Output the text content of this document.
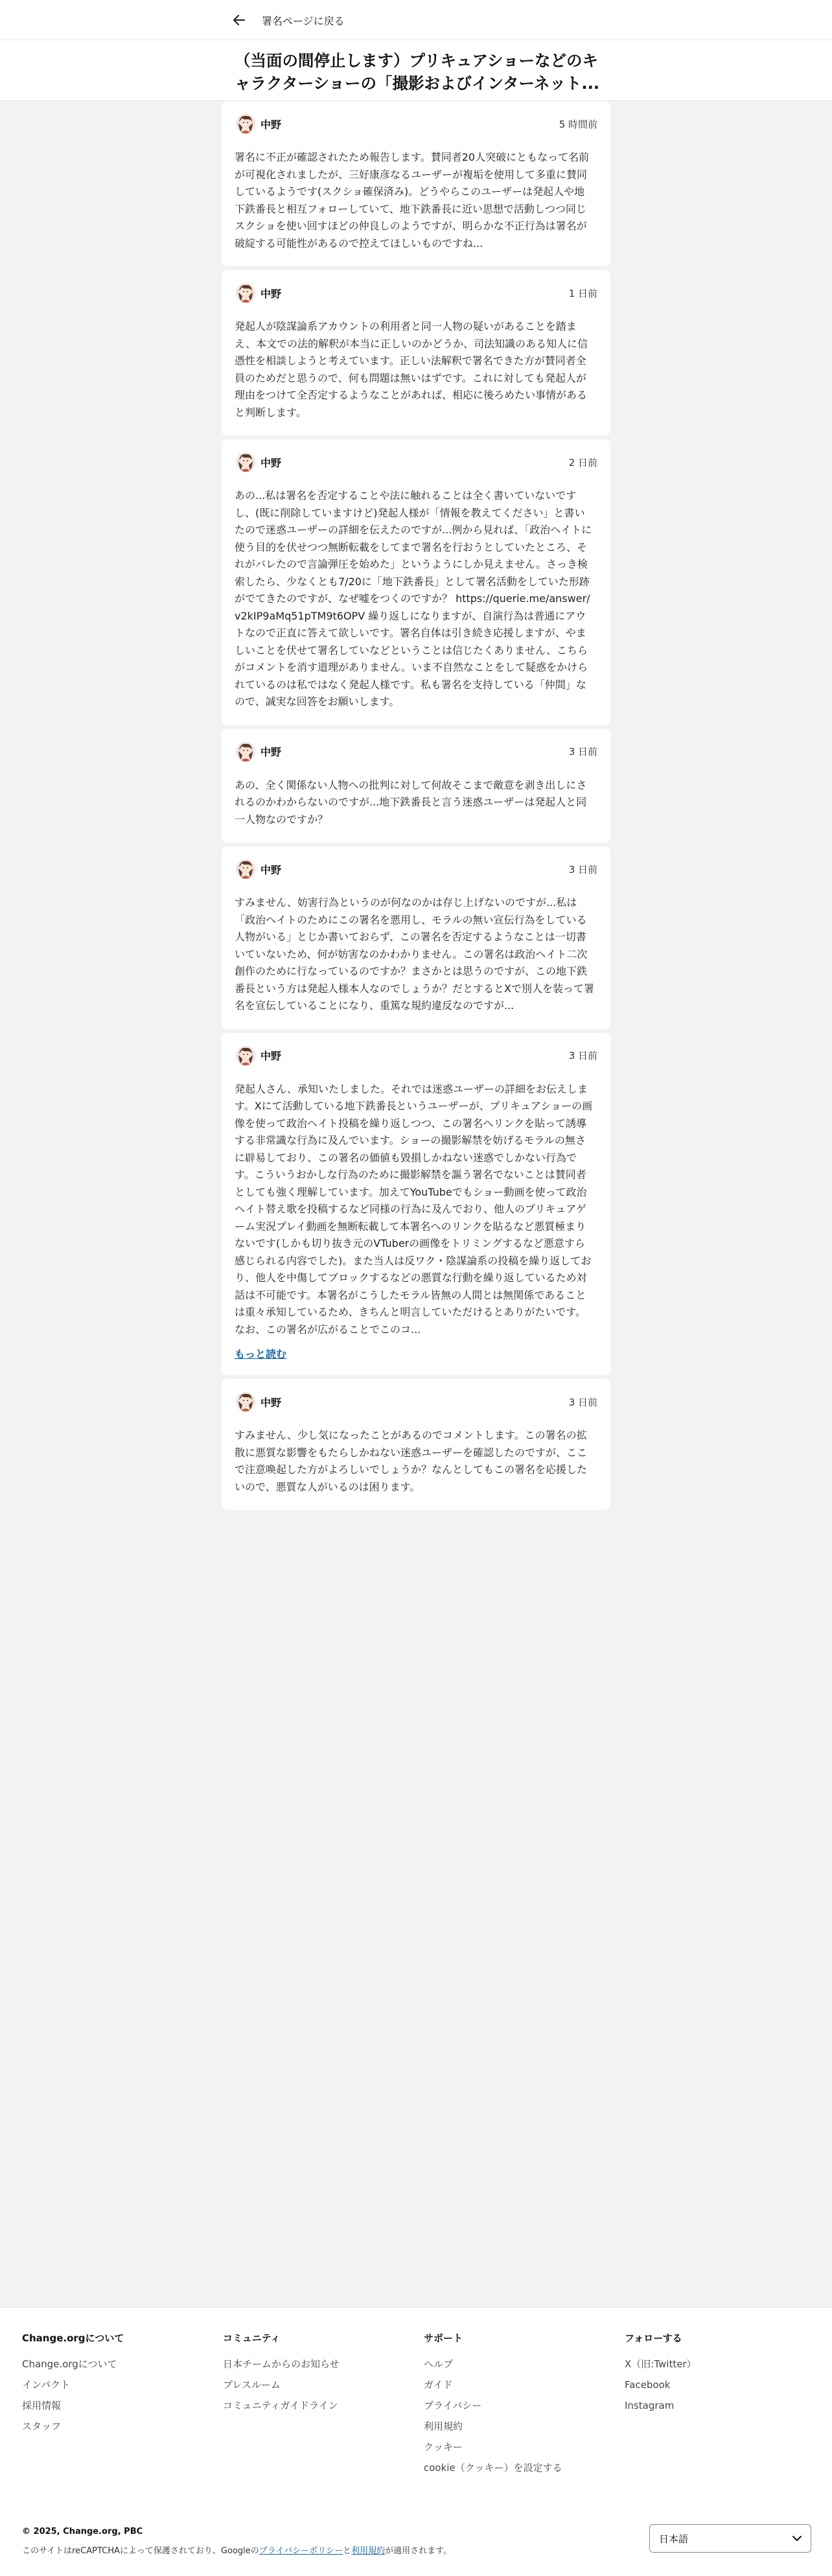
署名ページに戻る
（当面の間停止します）プリキュアショーなどのキャラクターショーの「撮影およびインターネット...
中野	5 時間前
署名に不正が確認されたため報告します。賛同者20人突破にともなって名前が可視化されましたが、三好康彦なるユーザーが複垢を使用して多重に賛同しているようです(スクショ確保済み)。どうやらこのユーザーは発起人や地下鉄番長と相互フォローしていて、地下鉄番長に近い思想で活動しつつ同じスクショを使い回すほどの仲良しのようですが、明らかな不正行為は署名が破綻する可能性があるので控えてほしいものですね...
中野	1 日前
発起人が陰謀論系アカウントの利用者と同一人物の疑いがあることを踏まえ、本文での法的解釈が本当に正しいのかどうか、司法知識のある知人に信憑性を相談しようと考えています。正しい法解釈で署名できた方が賛同者全員のためだと思うので、何も問題は無いはずです。これに対しても発起人が理由をつけて全否定するようなことがあれば、相応に後ろめたい事情があると判断します。
中野	2 日前
あの...私は署名を否定することや法に触れることは全く書いていないですし、(既に削除していますけど)発起人様が「情報を教えてください」と書いたので迷惑ユーザーの詳細を伝えたのですが...例から見れば、「政治ヘイトに使う目的を伏せつつ無断転載をしてまで署名を行おうとしていたところ、それがバレたので言論弾圧を始めた」というようにしか見えません。さっき検索したら、少なくとも7/20に「地下鉄番長」として署名活動をしていた形跡がでてきたのですが、なぜ嘘をつくのですか？ https://querie.me/answer/v2kIP9aMq51pTM9t6OPV 繰り返しになりますが、自演行為は普通にアウトなので正直に答えて欲しいです。署名自体は引き続き応援しますが、やましいことを伏せて署名していなどということは信じたくありません、こちらがコメントを消す道理がありません。いま不自然なことをして疑惑をかけられているのは私ではなく発起人様です。私も署名を支持している「仲間」なので、誠実な回答をお願いします。
中野	3 日前
あの、全く関係ない人物への批判に対して何故そこまで敵意を剥き出しにされるのかわからないのですが...地下鉄番長と言う迷惑ユーザーは発起人と同一人物なのですか？
中野	3 日前
すみません、妨害行為というのが何なのかは存じ上げないのですが...私は「政治ヘイトのためにこの署名を悪用し、モラルの無い宣伝行為をしている人物がいる」とじか書いておらず、この署名を否定するようなことは一切書いていないため、何が妨害なのかわかりません。この署名は政治ヘイト二次創作のために行なっているのですか？まさかとは思うのですが、この地下鉄番長という方は発起人様本人なのでしょうか？だとするとXで別人を装って署名を宣伝していることになり、重篤な規約違反なのですが...
中野	3 日前
発起人さん、承知いたしました。それでは迷惑ユーザーの詳細をお伝えします。Xにて活動している地下鉄番長というユーザーが、プリキュアショーの画像を使って政治ヘイト投稿を繰り返しつつ、この署名へリンクを貼って誘導する非常識な行為に及んでいます。ショーの撮影解禁を妨げるモラルの無さに辟易しており、この署名の価値も毀損しかねない迷惑でしかない行為です。こういうおかしな行為のために撮影解禁を謳う署名でないことは賛同者としても強く理解しています。加えてYouTubeでもショー動画を使って政治ヘイト替え歌を投稿するなど同様の行為に及んでおり、他人のプリキュアゲーム実況プレイ動画を無断転載して本署名へのリンクを貼るなど悪質極まりないです(しかも切り抜き元のVTuberの画像をトリミングするなど悪意すら感じられる内容でした)。また当人は反ワク・陰謀論系の投稿を繰り返しており、他人を中傷してブロックするなどの悪質な行動を繰り返しているため対話は不可能です。本署名がこうしたモラル皆無の人間とは無関係であることは重々承知しているため、きちんと明言していただけるとありがたいです。なお、この署名が広がることでこのコ...
もっと読む
中野	3 日前
すみません、少し気になったことがあるのでコメントします。この署名の拡散に悪質な影響をもたらしかねない迷惑ユーザーを確認したのですが、ここで注意喚起した方がよろしいでしょうか？なんとしてもこの署名を応援したいので、悪質な人がいるのは困ります。
Change.orgについて
Change.orgについて
インパクト
採用情報
スタッフ
コミュニティ
日本チームからのお知らせ
プレスルーム
コミュニティガイドライン
サポート
ヘルプ
ガイド
プライバシー
利用規約
クッキー
cookie（クッキー）を設定する
フォローする
X（旧:Twitter）
Facebook
Instagram
© 2025, Change.org, PBC
このサイトはreCAPTCHAによって保護されており、Googleのプライバシーポリシーと利用規約が適用されます。
日本語
